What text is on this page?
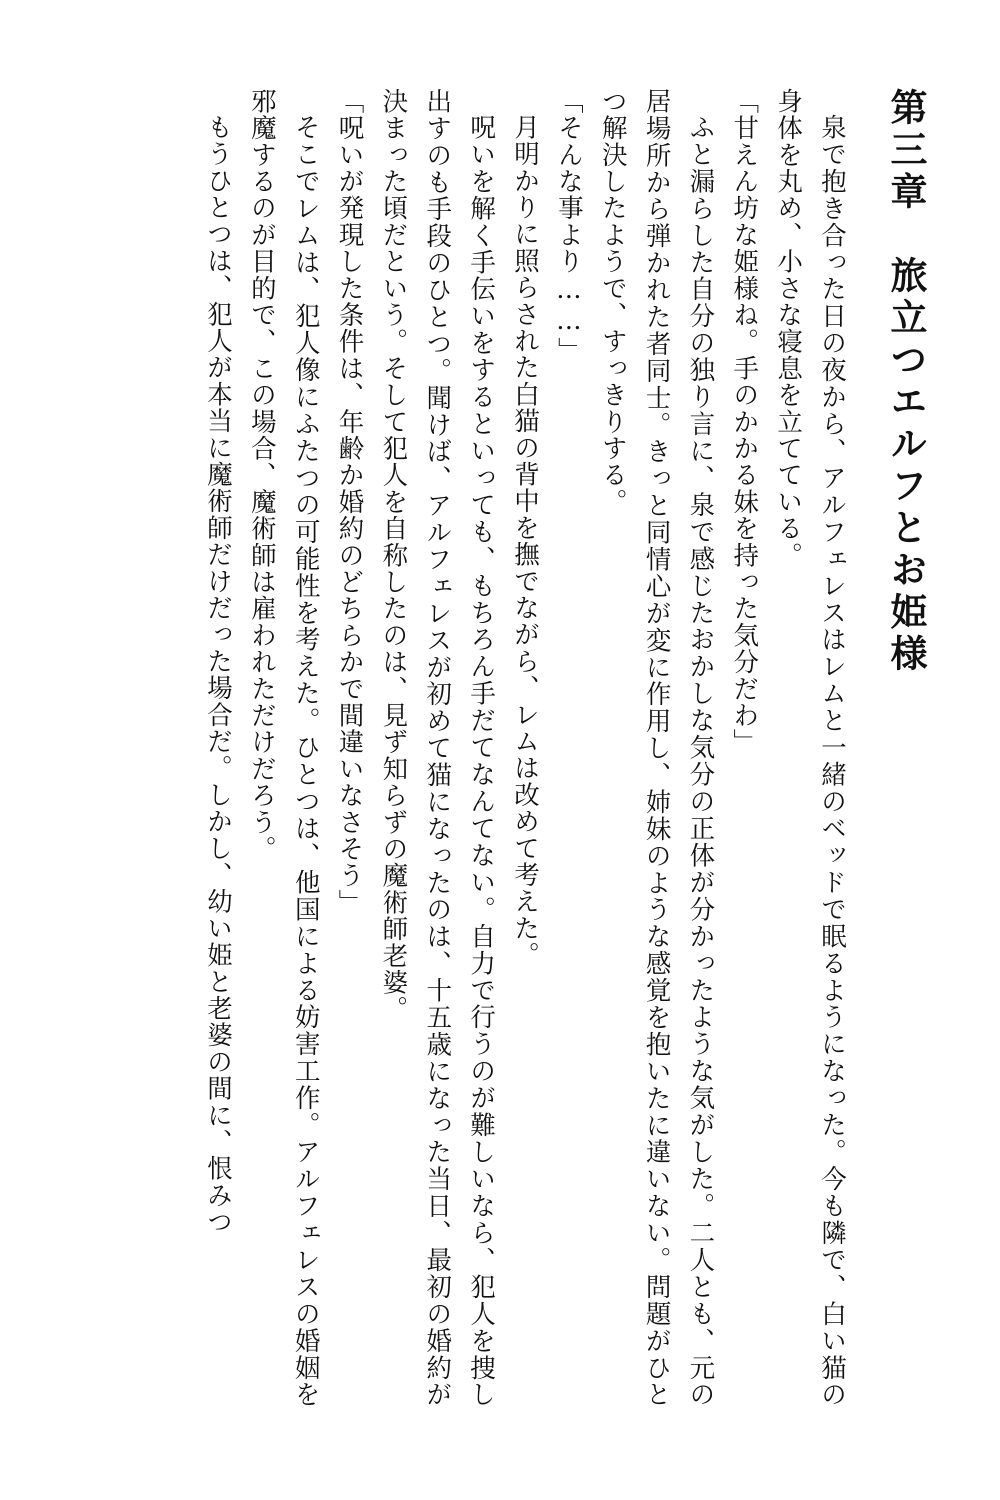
第三章　旅立つエルフとお姫様

泉で抱き合った日の夜から、アルフェレスはレムと一緒のベッドで眠るようになった。今も隣で、白い猫の身体を丸め、小さな寝息を立てている。

「甘えん坊な姫様ね。手のかかる妹を持った気分だわ」

ふと漏らした自分の独り言に、泉で感じたおかしな気分の正体が分かったような気がした。二人とも、元の居場所から弾かれた者同士。きっと同情心が変に作用し、姉妹のような感覚を抱いたに違いない。問題がひとつ解決したようで、すっきりする。

「そんな事より……」

月明かりに照らされた白猫の背中を撫でながら、レムは改めて考えた。

呪いを解く手伝いをするといっても、もちろん手だてなんてない。自力で行うのが難しいなら、犯人を捜し出すのも手段のひとつ。聞けば、アルフェレスが初めて猫になったのは、十五歳になった当日、最初の婚約が決まった頃だという。そして犯人を自称したのは、見ず知らずの魔術師老婆。

「呪いが発現した条件は、年齢か婚約のどちらかで間違いなさそう」

そこでレムは、犯人像にふたつの可能性を考えた。ひとつは、他国による妨害工作。アルフェレスの婚姻を邪魔するのが目的で、この場合、魔術師は雇われただけだろう。

もうひとつは、犯人が本当に魔術師だけだった場合だ。しかし、幼い姫と老婆の間に、恨みつ
